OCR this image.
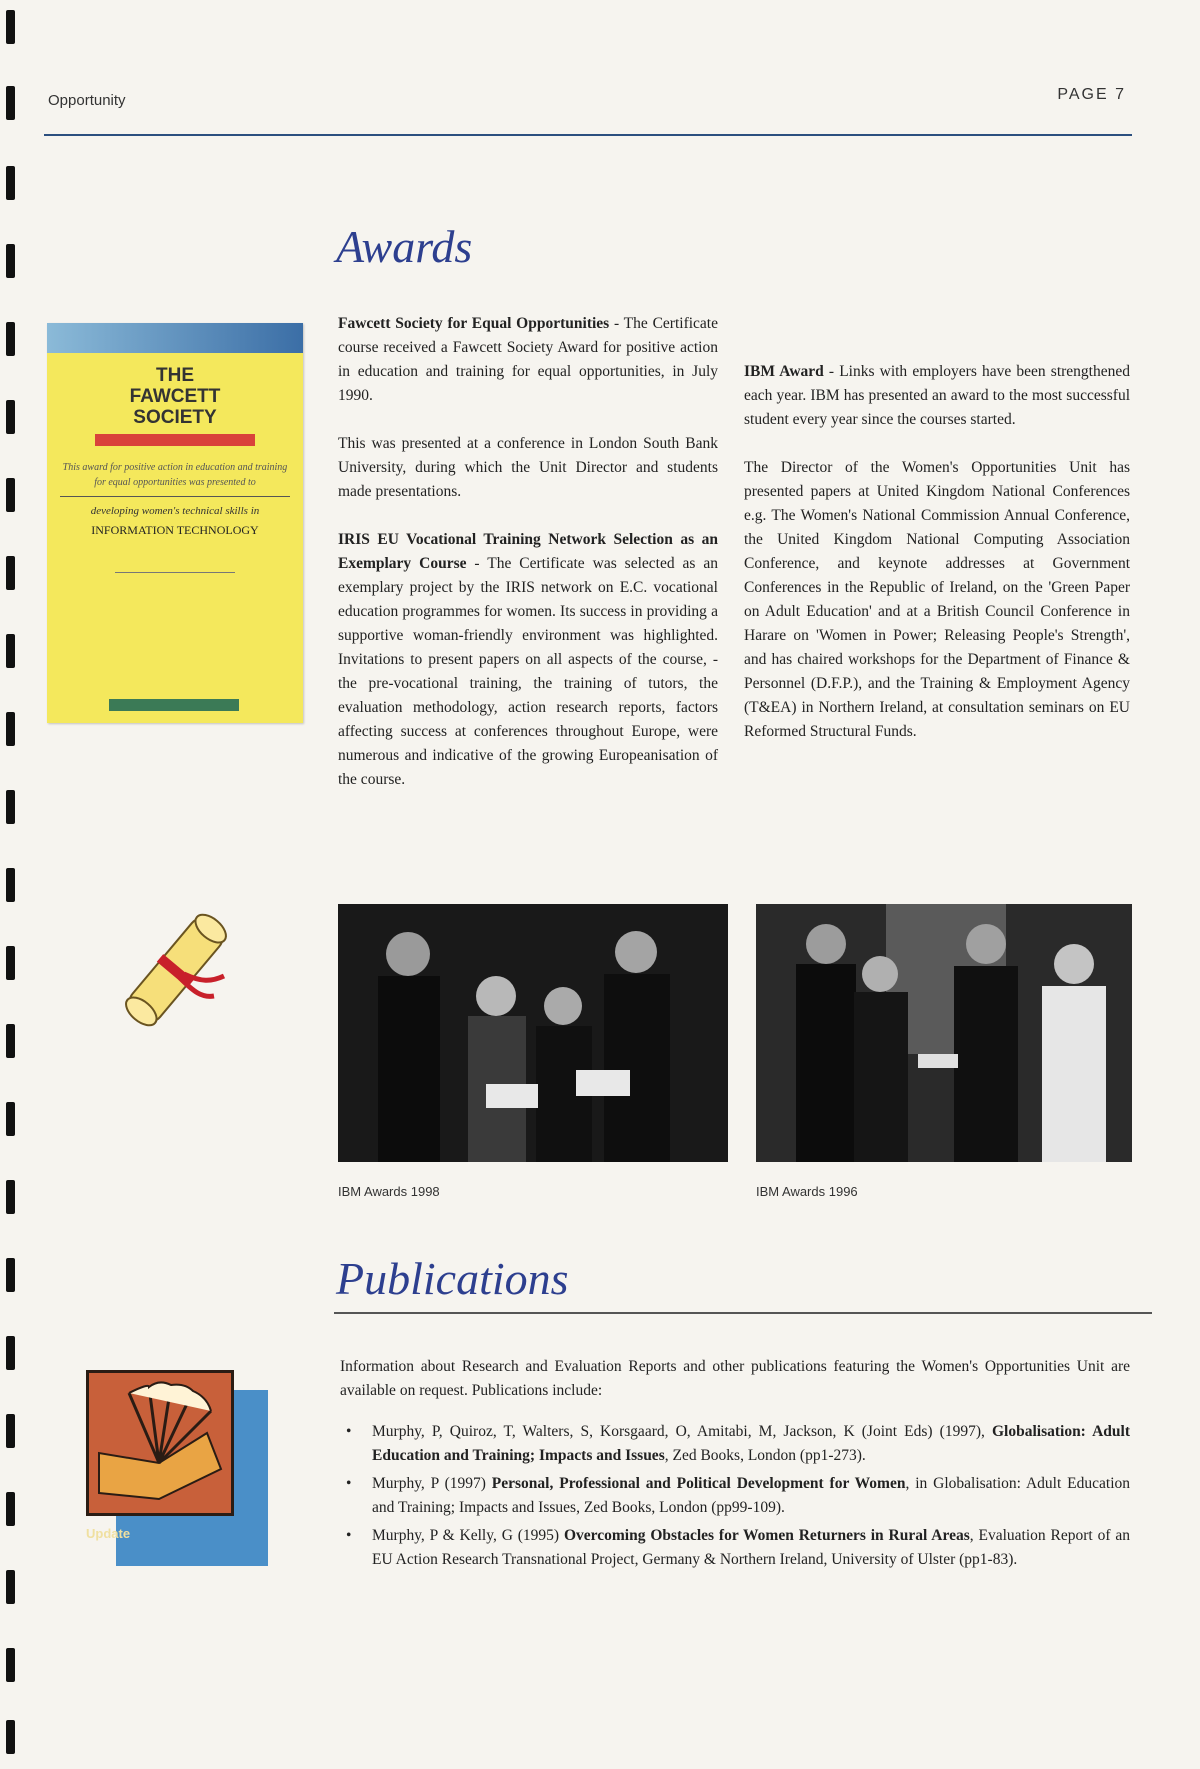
Opportunity	PAGE 7
Awards
THE FAWCETT SOCIETY
This award for positive action in education and training for equal opportunities was presented to
developing women's technical skills in
INFORMATION TECHNOLOGY

Fawcett Society for Equal Opportunities - The Certificate course received a Fawcett Society Award for positive action in education and training for equal opportunities, in July 1990.

This was presented at a conference in London South Bank University, during which the Unit Director and students made presentations.

IRIS EU Vocational Training Network Selection as an Exemplary Course - The Certificate was selected as an exemplary project by the IRIS network on E.C. vocational education programmes for women. Its success in providing a supportive woman-friendly environment was highlighted. Invitations to present papers on all aspects of the course, - the pre-vocational training, the training of tutors, the evaluation methodology, action research reports, factors affecting success at conferences throughout Europe, were numerous and indicative of the growing Europeanisation of the course.

IBM Award - Links with employers have been strengthened each year. IBM has presented an award to the most successful student every year since the courses started.

The Director of the Women's Opportunities Unit has presented papers at United Kingdom National Conferences e.g. The Women's National Commission Annual Conference, the United Kingdom National Computing Association Conference, and keynote addresses at Government Conferences in the Republic of Ireland, on the 'Green Paper on Adult Education' and at a British Council Conference in Harare on 'Women in Power; Releasing People's Strength', and has chaired workshops for the Department of Finance & Personnel (D.F.P.), and the Training & Employment Agency (T&EA) in Northern Ireland, at consultation seminars on EU Reformed Structural Funds.

IBM Awards 1998	IBM Awards 1996
Publications
Update
Information about Research and Evaluation Reports and other publications featuring the Women's Opportunities Unit are available on request. Publications include:
• Murphy, P, Quiroz, T, Walters, S, Korsgaard, O, Amitabi, M, Jackson, K (Joint Eds) (1997), Globalisation: Adult Education and Training; Impacts and Issues, Zed Books, London (pp1-273).
• Murphy, P (1997) Personal, Professional and Political Development for Women, in Globalisation: Adult Education and Training; Impacts and Issues, Zed Books, London (pp99-109).
• Murphy, P & Kelly, G (1995) Overcoming Obstacles for Women Returners in Rural Areas, Evaluation Report of an EU Action Research Transnational Project, Germany & Northern Ireland, University of Ulster (pp1-83).
